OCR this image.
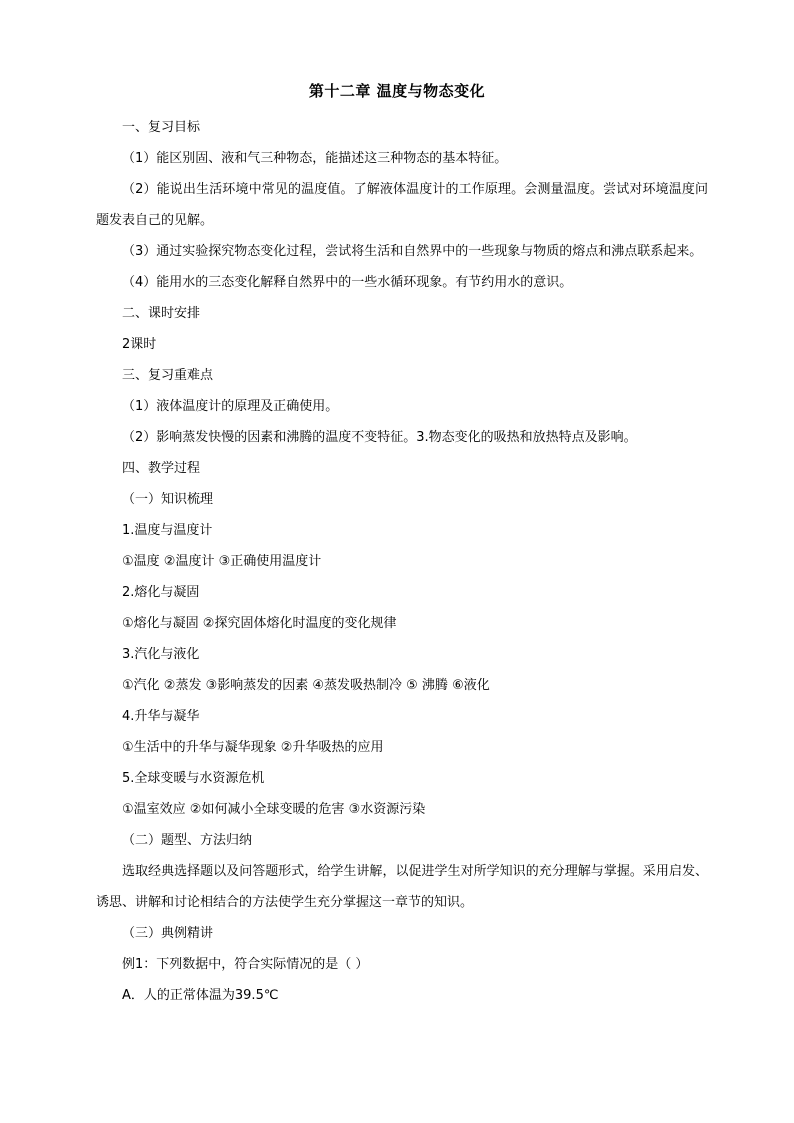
第十二章 温度与物态变化

一、复习目标

（1）能区别固、液和气三种物态，能描述这三种物态的基本特征。

（2）能说出生活环境中常见的温度值。了解液体温度计的工作原理。会测量温度。尝试对环境温度问题发表自己的见解。

（3）通过实验探究物态变化过程，尝试将生活和自然界中的一些现象与物质的熔点和沸点联系起来。

（4）能用水的三态变化解释自然界中的一些水循环现象。有节约用水的意识。

二、课时安排

2课时

三、复习重难点

（1）液体温度计的原理及正确使用。

（2）影响蒸发快慢的因素和沸腾的温度不变特征。3.物态变化的吸热和放热特点及影响。

四、教学过程

（一）知识梳理

1.温度与温度计

①温度 ②温度计 ③正确使用温度计

2.熔化与凝固

①熔化与凝固 ②探究固体熔化时温度的变化规律

3.汽化与液化

①汽化 ②蒸发 ③影响蒸发的因素 ④蒸发吸热制冷 ⑤ 沸腾 ⑥液化

4.升华与凝华

①生活中的升华与凝华现象 ②升华吸热的应用

5.全球变暖与水资源危机

①温室效应 ②如何减小全球变暖的危害 ③水资源污染

（二）题型、方法归纳

选取经典选择题以及问答题形式，给学生讲解，以促进学生对所学知识的充分理解与掌握。采用启发、诱思、讲解和讨论相结合的方法使学生充分掌握这一章节的知识。

（三）典例精讲

例1：下列数据中，符合实际情况的是（ ）

A．人的正常体温为39.5℃
